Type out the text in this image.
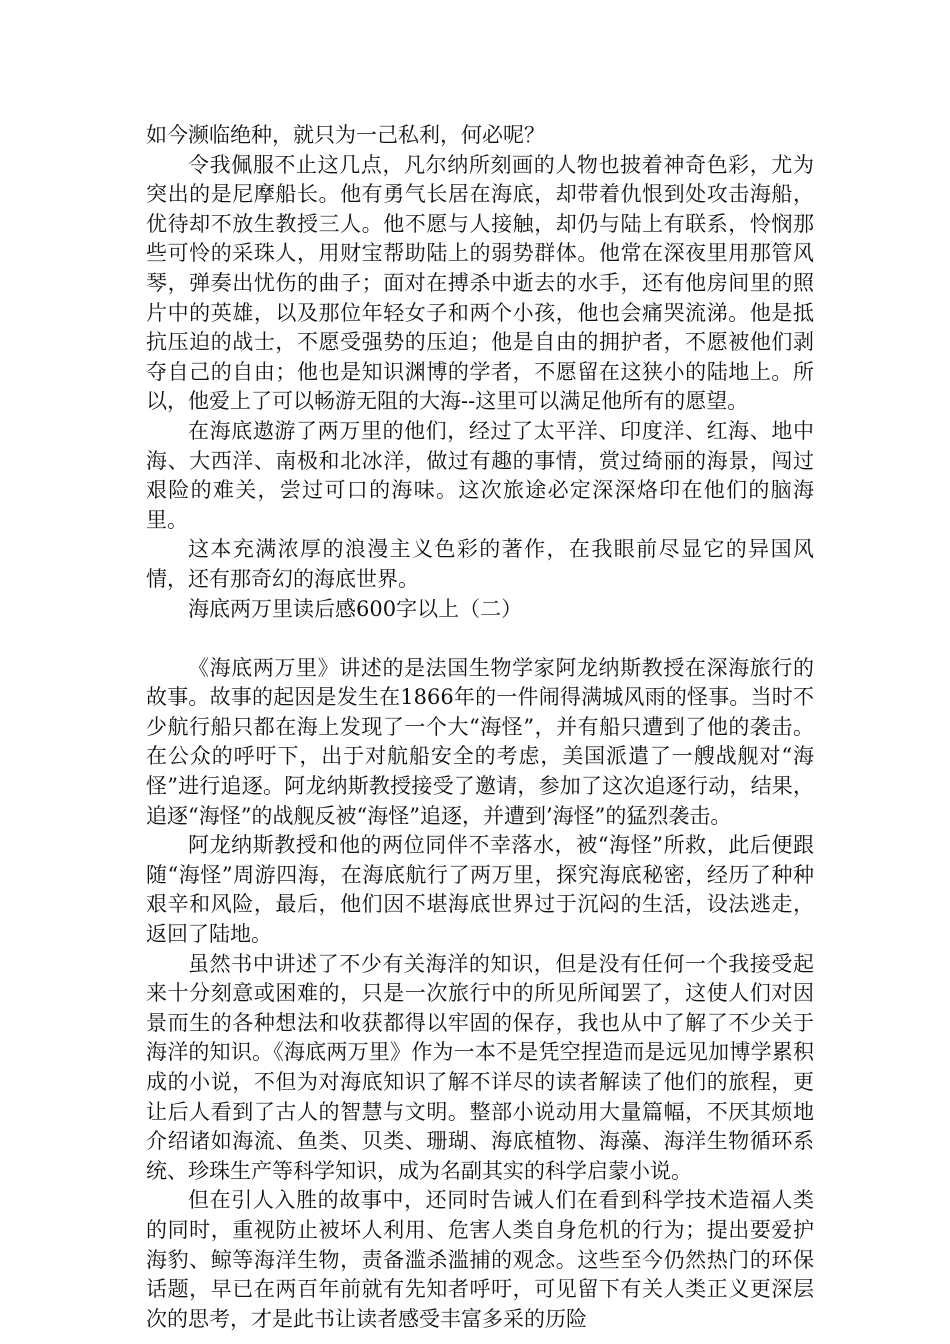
如今濒临绝种，就只为一己私利，何必呢？

令我佩服不止这几点，凡尔纳所刻画的人物也披着神奇色彩，尤为突出的是尼摩船长。他有勇气长居在海底，却带着仇恨到处攻击海船，优待却不放生教授三人。他不愿与人接触，却仍与陆上有联系，怜悯那些可怜的采珠人，用财宝帮助陆上的弱势群体。他常在深夜里用那管风琴，弹奏出忧伤的曲子；面对在搏杀中逝去的水手，还有他房间里的照片中的英雄，以及那位年轻女子和两个小孩，他也会痛哭流涕。他是抵抗压迫的战士，不愿受强势的压迫；他是自由的拥护者，不愿被他们剥夺自己的自由；他也是知识渊博的学者，不愿留在这狭小的陆地上。所以，他爱上了可以畅游无阻的大海--这里可以满足他所有的愿望。

在海底遨游了两万里的他们，经过了太平洋、印度洋、红海、地中海、大西洋、南极和北冰洋，做过有趣的事情，赏过绮丽的海景，闯过艰险的难关，尝过可口的海味。这次旅途必定深深烙印在他们的脑海里。

这本充满浓厚的浪漫主义色彩的著作，在我眼前尽显它的异国风情，还有那奇幻的海底世界。

海底两万里读后感600字以上（二）

《海底两万里》讲述的是法国生物学家阿龙纳斯教授在深海旅行的故事。故事的起因是发生在1866年的一件闹得满城风雨的怪事。当时不少航行船只都在海上发现了一个大“海怪”，并有船只遭到了他的袭击。在公众的呼吁下，出于对航船安全的考虑，美国派遣了一艘战舰对“海怪”进行追逐。阿龙纳斯教授接受了邀请，参加了这次追逐行动，结果，追逐“海怪”的战舰反被“海怪”追逐，并遭到’海怪”的猛烈袭击。

阿龙纳斯教授和他的两位同伴不幸落水，被“海怪”所救，此后便跟随“海怪”周游四海，在海底航行了两万里，探究海底秘密，经历了种种艰辛和风险，最后，他们因不堪海底世界过于沉闷的生活，设法逃走，返回了陆地。

虽然书中讲述了不少有关海洋的知识，但是没有任何一个我接受起来十分刻意或困难的，只是一次旅行中的所见所闻罢了，这使人们对因景而生的各种想法和收获都得以牢固的保存，我也从中了解了不少关于海洋的知识。《海底两万里》作为一本不是凭空捏造而是远见加博学累积成的小说，不但为对海底知识了解不详尽的读者解读了他们的旅程，更让后人看到了古人的智慧与文明。整部小说动用大量篇幅，不厌其烦地介绍诸如海流、鱼类、贝类、珊瑚、海底植物、海藻、海洋生物循环系统、珍珠生产等科学知识，成为名副其实的科学启蒙小说。

但在引人入胜的故事中，还同时告诫人们在看到科学技术造福人类的同时，重视防止被坏人利用、危害人类自身危机的行为；提出要爱护海豹、鲸等海洋生物，责备滥杀滥捕的观念。这些至今仍然热门的环保话题，早已在两百年前就有先知者呼吁，可见留下有关人类正义更深层次的思考，才是此书让读者感受丰富多采的历险
